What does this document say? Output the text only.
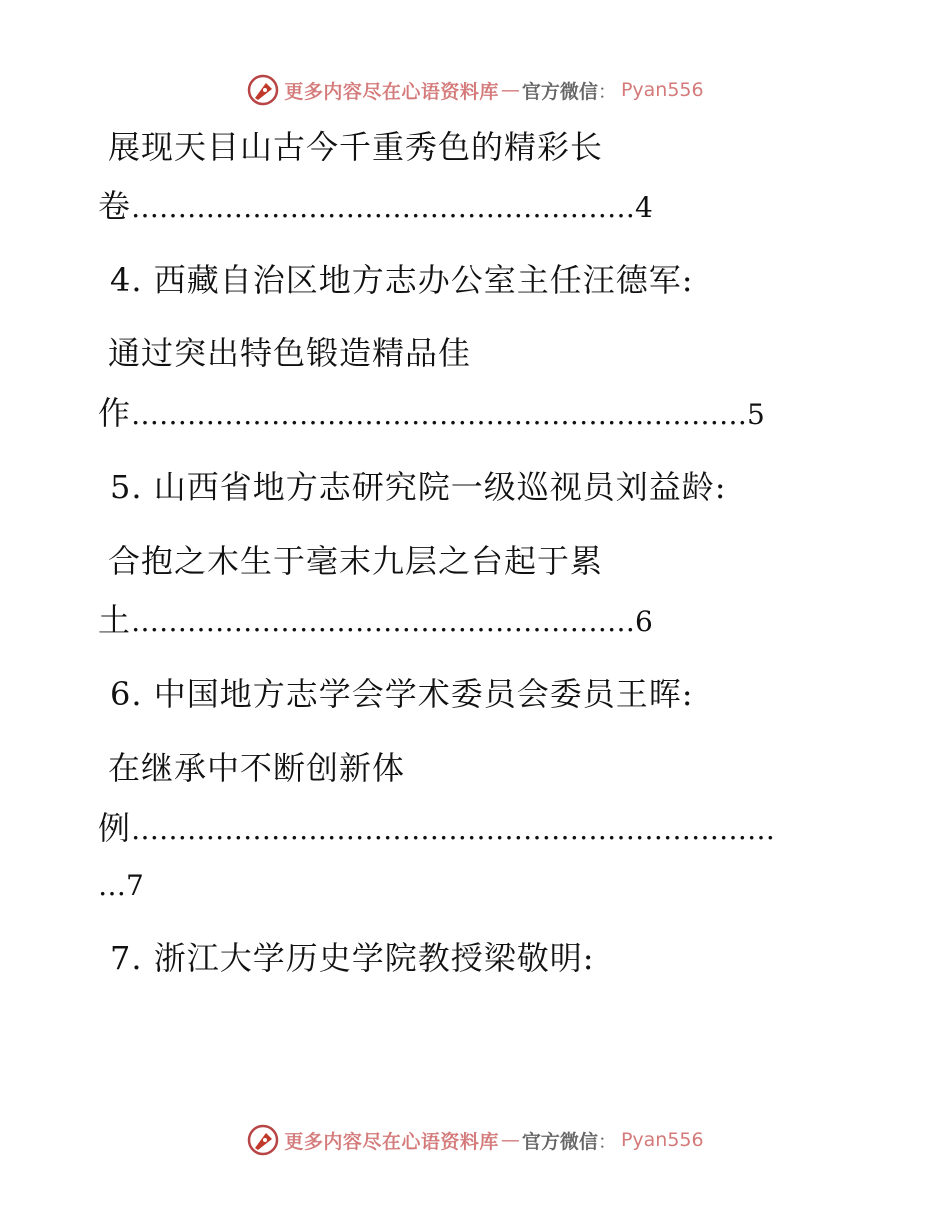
更多内容尽在心语资料库 — 官方微信 ： Pyan556
展现天目山古今千重秀色的精彩长
卷………………………………………………4
4. 西藏自治区地方志办公室主任汪德军:
通过突出特色锻造精品佳
作…………………………………………………………5
5. 山西省地方志研究院一级巡视员刘益龄:
合抱之木生于毫末九层之台起于累
土………………………………………………6
6. 中国地方志学会学术委员会委员王晖:
在继承中不断创新体
例……………………………………………………………
…7
7. 浙江大学历史学院教授梁敬明:
更多内容尽在心语资料库 — 官方微信 ： Pyan556
